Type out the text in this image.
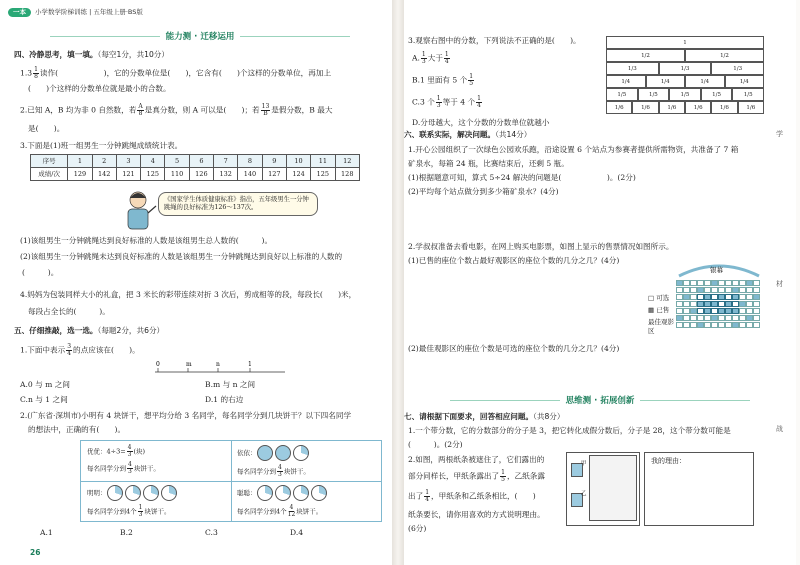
一本	小学数学阶梯训练 | 五年级上册·BS版
能力测 · 迁移运用
四、冷静思考，填一填。（每空1分，共10分）
$1.3 \frac{1}{8}$ 读作(　　　　　　)，它的分数单位是(　　)，它含有(　　)个这样的分数单位，再加上
(　　)个这样的分数单位就是最小的合数。
2.已知 A，B 均为非 0 自然数，若 $\frac{A}{8}$ 是真分数，则 A 可以是(　　)；若 $\frac{13}{B}$ 是假分数，B 最大
是(　　)。
3.下面是(1)班一组男生一分钟跳绳成绩统计表。
序号	1	2	3	4	5	6	7	8	9	10	11	12
成绩/次	129	142	121	125	110	126	132	140	127	124	125	128
《国家学生体质健康标准》指出，五年级男生一分钟跳绳的良好标准为126～137次。
(1)该组男生一分钟跳绳达到良好标准的人数是该组男生总人数的(　　　)。
(2)该组男生一分钟跳绳未达到良好标准的人数是该组男生一分钟跳绳达到良好以上标准的人数的
(　　　)。
4.妈妈为包装同样大小的礼盒，把 3 米长的彩带连续对折 3 次后，剪成相等的段，每段长(　　)米，
每段占全长的(　　　)。
五、仔细推敲，选一选。（每题2分，共6分）
1.下面中表示 $\frac{3}{4}$ 的点应该在(　　)。
0	m	n	1
A.0 与 m 之间	B.m 与 n 之间
C.n 与 1 之间	D.1 的右边
2.(广东省·深圳市)小明有 4 块饼干，想平均分给 3 名同学，每名同学分到几块饼干？以下四名同学
的想法中，正确的有(　　)。
优优：$4\div 3= \frac{4}{3}$ (块)
每名同学分到 $\frac{4}{3}$ 块饼干。
依依：
每名同学分到 $\frac{4}{3}$ 块饼干。
明明：
每名同学分到4个 $\frac{1}{3}$ 块饼干。
聪聪：
每名同学分到4个 $\frac{4}{12}$ 块饼干。
A.1	B.2	C.3	D.4
26
3.观察右图中的分数，下列说法不正确的是(　　)。
A. $\frac{1}{3}$ 大于 $\frac{1}{4}$
B.1 里面有 5 个 $\frac{1}{5}$
C.3 个 $\frac{1}{3}$ 等于 4 个 $\frac{1}{4}$
D.分母越大，这个分数的分数单位就越小
1
1/2	1/2
1/3	1/3	1/3
1/4	1/4	1/4	1/4
1/5	1/5	1/5	1/5	1/5
1/6	1/6	1/6	1/6	1/6	1/6
六、联系实际，解决问题。（共14分）
1.开心公园组织了一次绿色公园欢乐跑，沿途设置 6 个站点为参赛者提供所需物资，共准备了 7 箱
矿泉水，每箱 24 瓶，比赛结束后，还剩 5 瓶。
(1)根据题意可知，算式 5÷24 解决的问题是(　　　　　　)。(2分)
(2)平均每个站点做分到多少箱矿泉水？(4分)
2.学叔叔准备去看电影，在网上购买电影票，如图上显示的售票情况如图所示。
(1)已售的座位个数占最好观影区的座位个数的几分之几？(4分)
银幕
□ 可选
▦ 已售
最佳观影区
(2)最佳观影区的座位个数是可选的座位个数的几分之几？(4分)
思维测 · 拓展创新
七、请根据下面要求，回答相应问题。（共8分）
1.一个带分数，它的分数部分的分子是 3，把它转化成假分数后，分子是 28，这个带分数可能是
(　　　)。(2分)
2.如图，两根纸条被遮住了，它们露出的
部分同样长，甲纸条露出了 $\frac{1}{5}$ ，乙纸条露
出了 $\frac{1}{4}$ ，甲纸条和乙纸条相比，(　　)
纸条要长，请你用喜欢的方式说明理由。
(6分)
甲
乙
我的理由：
学
材
战
